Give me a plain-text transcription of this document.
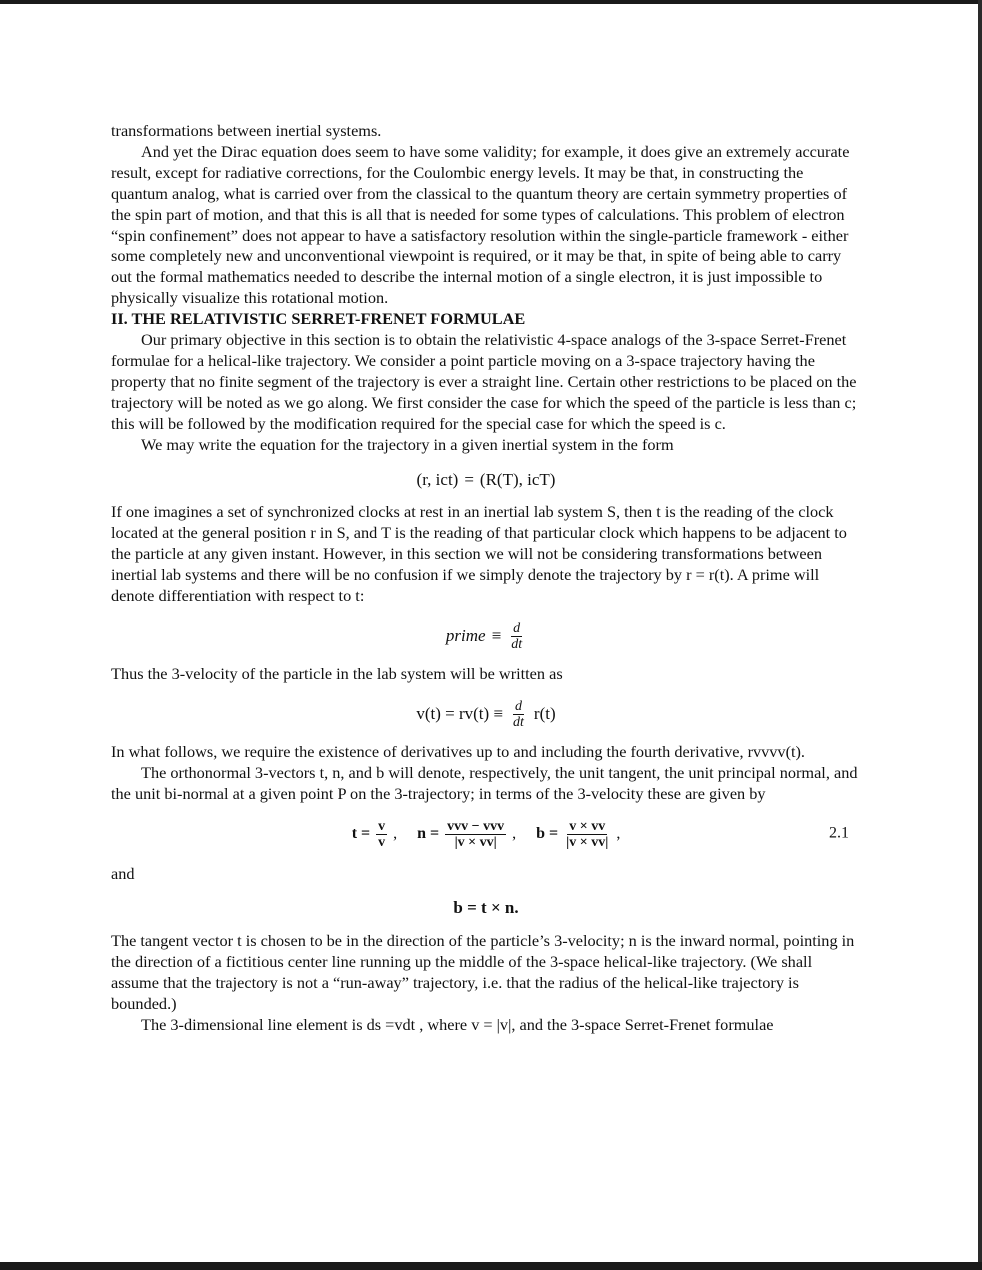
transformations between inertial systems.

And yet the Dirac equation does seem to have some validity; for example, it does give an extremely accurate result, except for radiative corrections, for the Coulombic energy levels. It may be that, in constructing the quantum analog, what is carried over from the classical to the quantum theory are certain symmetry properties of the spin part of motion, and that this is all that is needed for some types of calculations. This problem of electron “spin confinement” does not appear to have a satisfactory resolution within the single-particle framework - either some completely new and unconventional viewpoint is required, or it may be that, in spite of being able to carry out the formal mathematics needed to describe the internal motion of a single electron, it is just impossible to physically visualize this rotational motion.

II. THE RELATIVISTIC SERRET-FRENET FORMULAE

Our primary objective in this section is to obtain the relativistic 4-space analogs of the 3-space Serret-Frenet formulae for a helical-like trajectory. We consider a point particle moving on a 3-space trajectory having the property that no finite segment of the trajectory is ever a straight line. Certain other restrictions to be placed on the trajectory will be noted as we go along. We first consider the case for which the speed of the particle is less than c; this will be followed by the modification required for the special case for which the speed is c.

We may write the equation for the trajectory in a given inertial system in the form

(r, ict) = (R(T), icT)

If one imagines a set of synchronized clocks at rest in an inertial lab system S, then t is the reading of the clock located at the general position r in S, and T is the reading of that particular clock which happens to be adjacent to the particle at any given instant. However, in this section we will not be considering transformations between inertial lab systems and there will be no confusion if we simply denote the trajectory by r = r(t). A prime will denote differentiation with respect to t:

prime ≡ $\frac{d}{dt}$

Thus the 3-velocity of the particle in the lab system will be written as

$v(t) = rv(t) \equiv \frac{d}{dt} r(t)$

In what follows, we require the existence of derivatives up to and including the fourth derivative, rvvvv(t).

The orthonormal 3-vectors t, n, and b will denote, respectively, the unit tangent, the unit principal normal, and the unit bi-normal at a given point P on the 3-trajectory; in terms of the 3-velocity these are given by

$t = \frac{v}{v}$ , $n = \frac{\text{vvv − vvv}}{|v \times vv|}$ , $b = \frac{v \times vv}{|v \times vv|}$ ,	2.1

and

b = t × n.

The tangent vector t is chosen to be in the direction of the particle’s 3-velocity; n is the inward normal, pointing in the direction of a fictitious center line running up the middle of the 3-space helical-like trajectory. (We shall assume that the trajectory is not a “run-away” trajectory, i.e. that the radius of the helical-like trajectory is bounded.)

The 3-dimensional line element is ds =vdt , where v = |v|, and the 3-space Serret-Frenet formulae
